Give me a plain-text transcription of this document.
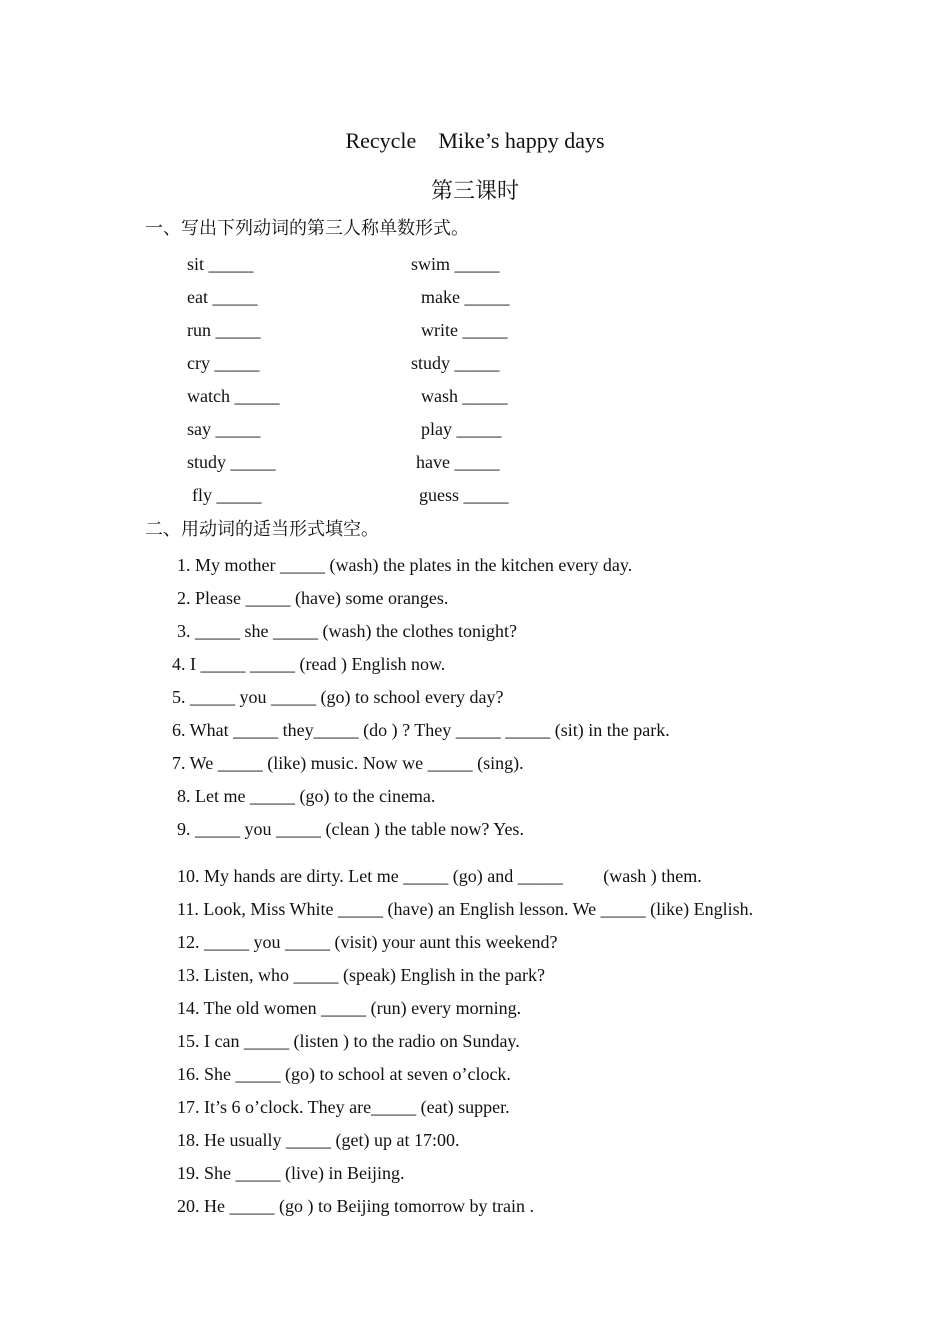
Recycle    Mike’s happy days
第三课时
一、写出下列动词的第三人称单数形式。
sit _____
eat _____
run _____
cry _____
watch _____
say _____
study _____
fly _____
swim _____
make _____
write _____
study _____
wash _____
play _____
have _____
guess _____
二、用动词的适当形式填空。
1. My mother _____ (wash) the plates in the kitchen every day.
2. Please _____ (have) some oranges.
3. _____ she _____ (wash) the clothes tonight?
4. I _____ _____ (read ) English now.
5. _____ you _____ (go) to school every day?
6. What _____ they_____ (do ) ? They _____ _____ (sit) in the park.
7. We _____ (like) music. Now we _____ (sing).
8. Let me _____ (go) to the cinema.
9. _____ you _____ (clean ) the table now? Yes.
10. My hands are dirty. Let me _____ (go) and _____         (wash ) them.
11. Look, Miss White _____ (have) an English lesson. We _____ (like) English.
12. _____ you _____ (visit) your aunt this weekend?
13. Listen, who _____ (speak) English in the park?
14. The old women _____ (run) every morning.
15. I can _____ (listen ) to the radio on Sunday.
16. She _____ (go) to school at seven o’clock.
17. It’s 6 o’clock. They are_____ (eat) supper.
18. He usually _____ (get) up at 17:00.
19. She _____ (live) in Beijing.
20. He _____ (go ) to Beijing tomorrow by train .
